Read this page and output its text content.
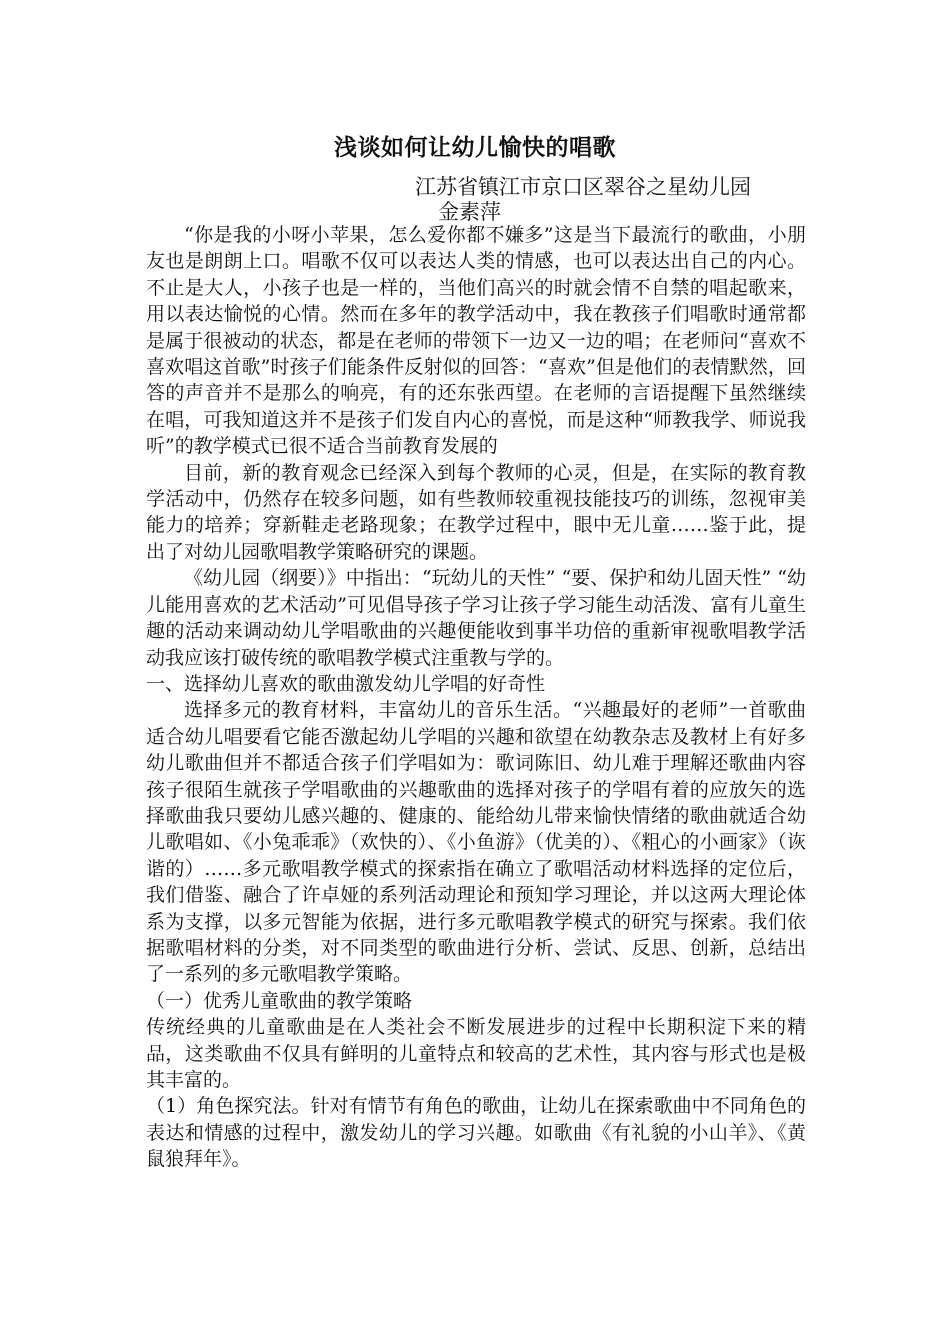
浅谈如何让幼儿愉快的唱歌
江苏省镇江市京口区翠谷之星幼儿园
金素萍

“你是我的小呀小苹果，怎么爱你都不嫌多”这是当下最流行的歌曲，小朋友也是朗朗上口。唱歌不仅可以表达人类的情感，也可以表达出自己的内心。不止是大人，小孩子也是一样的，当他们高兴的时就会情不自禁的唱起歌来，用以表达愉悦的心情。然而在多年的教学活动中，我在教孩子们唱歌时通常都是属于很被动的状态，都是在老师的带领下一边又一边的唱；在老师问“喜欢不喜欢唱这首歌”时孩子们能条件反射似的回答：“喜欢”但是他们的表情默然，回答的声音并不是那么的响亮，有的还东张西望。在老师的言语提醒下虽然继续在唱，可我知道这并不是孩子们发自内心的喜悦，而是这种“师教我学、师说我听”的教学模式已很不适合当前教育发展的

目前，新的教育观念已经深入到每个教师的心灵，但是，在实际的教育教学活动中，仍然存在较多问题，如有些教师较重视技能技巧的训练，忽视审美能力的培养；穿新鞋走老路现象；在教学过程中，眼中无儿童……鉴于此，提出了对幼儿园歌唱教学策略研究的课题。

《幼儿园（纲要）》中指出：“玩幼儿的天性” “要、保护和幼儿固天性” “幼儿能用喜欢的艺术活动”可见倡导孩子学习让孩子学习能生动活泼、富有儿童生趣的活动来调动幼儿学唱歌曲的兴趣便能收到事半功倍的重新审视歌唱教学活动我应该打破传统的歌唱教学模式注重教与学的。

一、选择幼儿喜欢的歌曲激发幼儿学唱的好奇性

选择多元的教育材料，丰富幼儿的音乐生活。“兴趣最好的老师”一首歌曲适合幼儿唱要看它能否激起幼儿学唱的兴趣和欲望在幼教杂志及教材上有好多幼儿歌曲但并不都适合孩子们学唱如为：歌词陈旧、幼儿难于理解还歌曲内容孩子很陌生就孩子学唱歌曲的兴趣歌曲的选择对孩子的学唱有着的应放矢的选择歌曲我只要幼儿感兴趣的、健康的、能给幼儿带来愉快情绪的歌曲就适合幼儿歌唱如、《小兔乖乖》（欢快的）、《小鱼游》（优美的）、《粗心的小画家》（诙谐的）……多元歌唱教学模式的探索指在确立了歌唱活动材料选择的定位后，我们借鉴、融合了许卓娅的系列活动理论和预知学习理论，并以这两大理论体系为支撑，以多元智能为依据，进行多元歌唱教学模式的研究与探索。我们依据歌唱材料的分类，对不同类型的歌曲进行分析、尝试、反思、创新，总结出了一系列的多元歌唱教学策略。

（一）优秀儿童歌曲的教学策略

传统经典的儿童歌曲是在人类社会不断发展进步的过程中长期积淀下来的精品，这类歌曲不仅具有鲜明的儿童特点和较高的艺术性，其内容与形式也是极其丰富的。

（1）角色探究法。针对有情节有角色的歌曲，让幼儿在探索歌曲中不同角色的表达和情感的过程中，激发幼儿的学习兴趣。如歌曲《有礼貌的小山羊》、《黄鼠狼拜年》。
